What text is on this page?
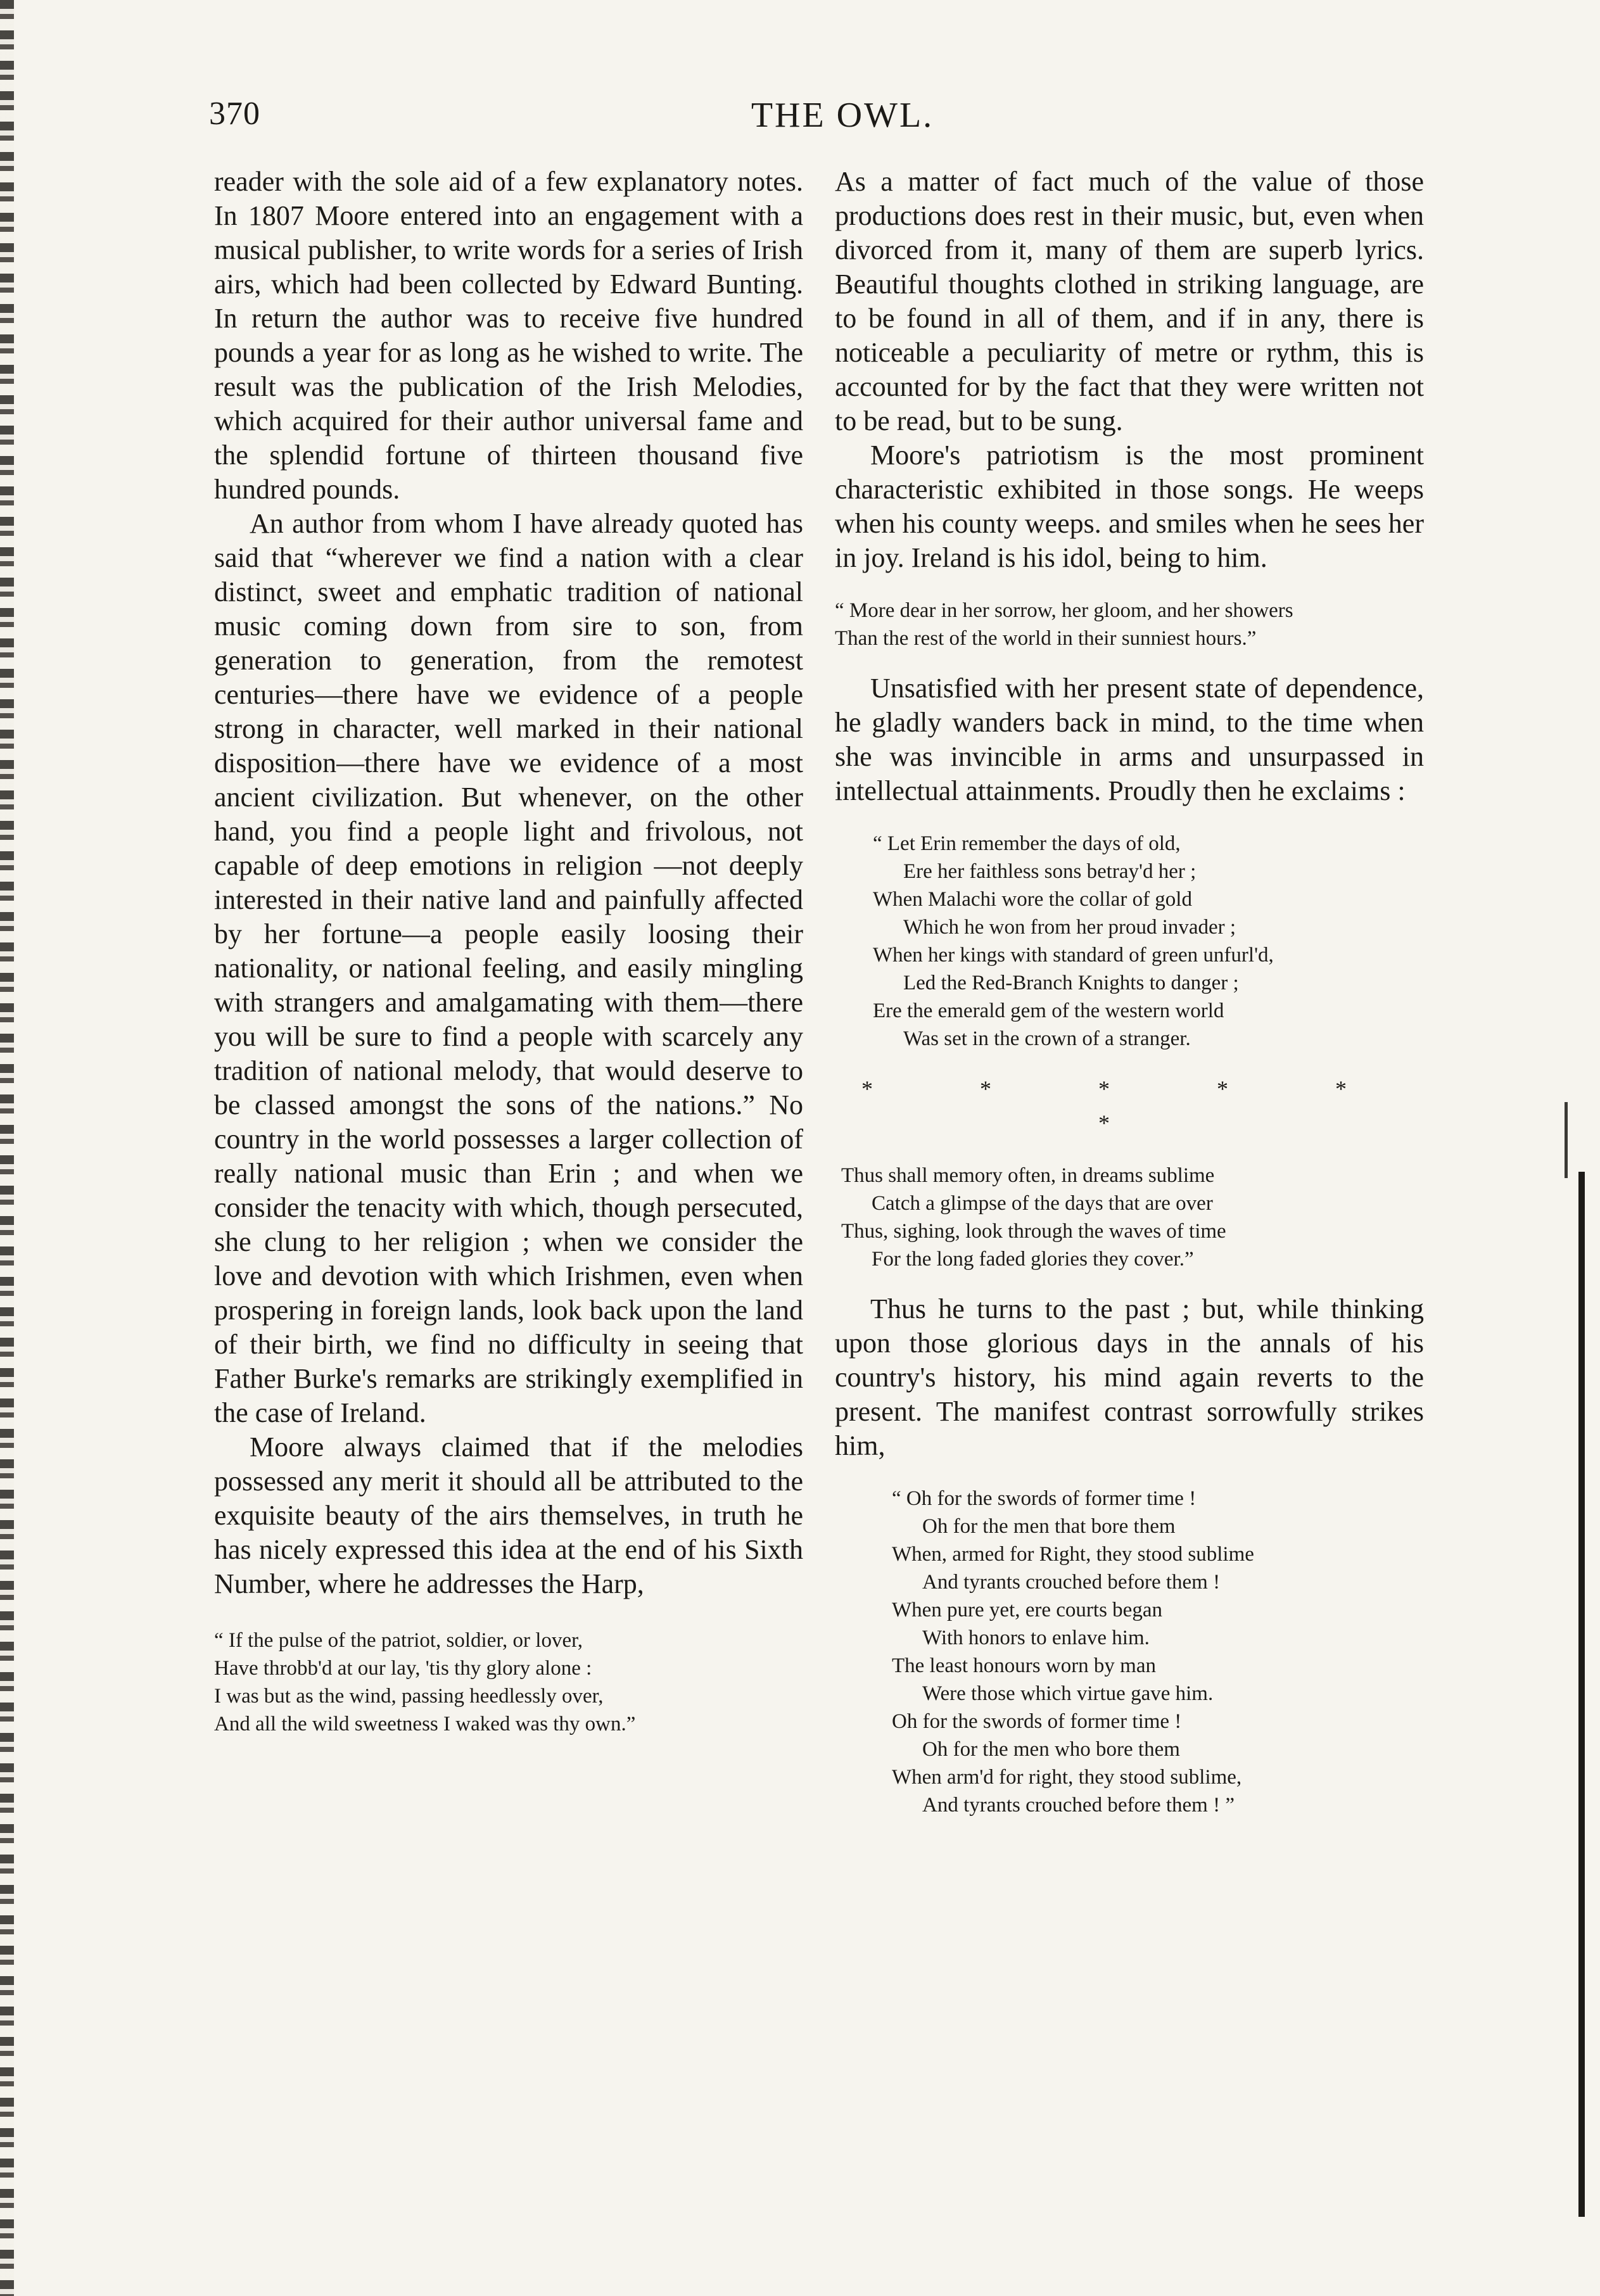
370	THE OWL.

reader with the sole aid of a few explanatory notes. In 1807 Moore entered into an engagement with a musical publisher, to write words for a series of Irish airs, which had been collected by Edward Bunting. In return the author was to receive five hundred pounds a year for as long as he wished to write. The result was the publication of the Irish Melodies, which acquired for their author universal fame and the splendid fortune of thirteen thousand five hundred pounds.

An author from whom I have already quoted has said that “wherever we find a nation with a clear distinct, sweet and emphatic tradition of national music coming down from sire to son, from generation to generation, from the remotest centuries—there have we evidence of a people strong in character, well marked in their national disposition—there have we evidence of a most ancient civilization. But whenever, on the other hand, you find a people light and frivolous, not capable of deep emotions in religion —not deeply interested in their native land and painfully affected by her fortune—a people easily loosing their nationality, or national feeling, and easily mingling with strangers and amalgamating with them—there you will be sure to find a people with scarcely any tradition of national melody, that would deserve to be classed amongst the sons of the nations.” No country in the world possesses a larger collection of really national music than Erin ; and when we consider the tenacity with which, though persecuted, she clung to her religion ; when we consider the love and devotion with which Irishmen, even when prospering in foreign lands, look back upon the land of their birth, we find no difficulty in seeing that Father Burke's remarks are strikingly exemplified in the case of Ireland.

Moore always claimed that if the melodies possessed any merit it should all be attributed to the exquisite beauty of the airs themselves, in truth he has nicely expressed this idea at the end of his Sixth Number, where he addresses the Harp,

“ If the pulse of the patriot, soldier, or lover,
Have throbb'd at our lay, 'tis thy glory alone :
I was but as the wind, passing heedlessly over,
And all the wild sweetness I waked was thy own.”

As a matter of fact much of the value of those productions does rest in their music, but, even when divorced from it, many of them are superb lyrics. Beautiful thoughts clothed in striking language, are to be found in all of them, and if in any, there is noticeable a peculiarity of metre or rythm, this is accounted for by the fact that they were written not to be read, but to be sung.

Moore's patriotism is the most prominent characteristic exhibited in those songs. He weeps when his county weeps. and smiles when he sees her in joy. Ireland is his idol, being to him.

“ More dear in her sorrow, her gloom, and her showers
Than the rest of the world in their sunniest hours.”

Unsatisfied with her present state of dependence, he gladly wanders back in mind, to the time when she was invincible in arms and unsurpassed in intellectual attainments. Proudly then he exclaims :

“ Let Erin remember the days of old,
Ere her faithless sons betray'd her ;
When Malachi wore the collar of gold
Which he won from her proud invader ;
When her kings with standard of green unfurl'd,
Led the Red-Branch Knights to danger ;
Ere the emerald gem of the western world
Was set in the crown of a stranger.
* * * * * *
Thus shall memory often, in dreams sublime
Catch a glimpse of the days that are over
Thus, sighing, look through the waves of time
For the long faded glories they cover.”

Thus he turns to the past ; but, while thinking upon those glorious days in the annals of his country's history, his mind again reverts to the present. The manifest contrast sorrowfully strikes him,

“ Oh for the swords of former time !
Oh for the men that bore them
When, armed for Right, they stood sublime
And tyrants crouched before them !
When pure yet, ere courts began
With honors to enlave him.
The least honours worn by man
Were those which virtue gave him.
Oh for the swords of former time !
Oh for the men who bore them
When arm'd for right, they stood sublime,
And tyrants crouched before them ! ”
